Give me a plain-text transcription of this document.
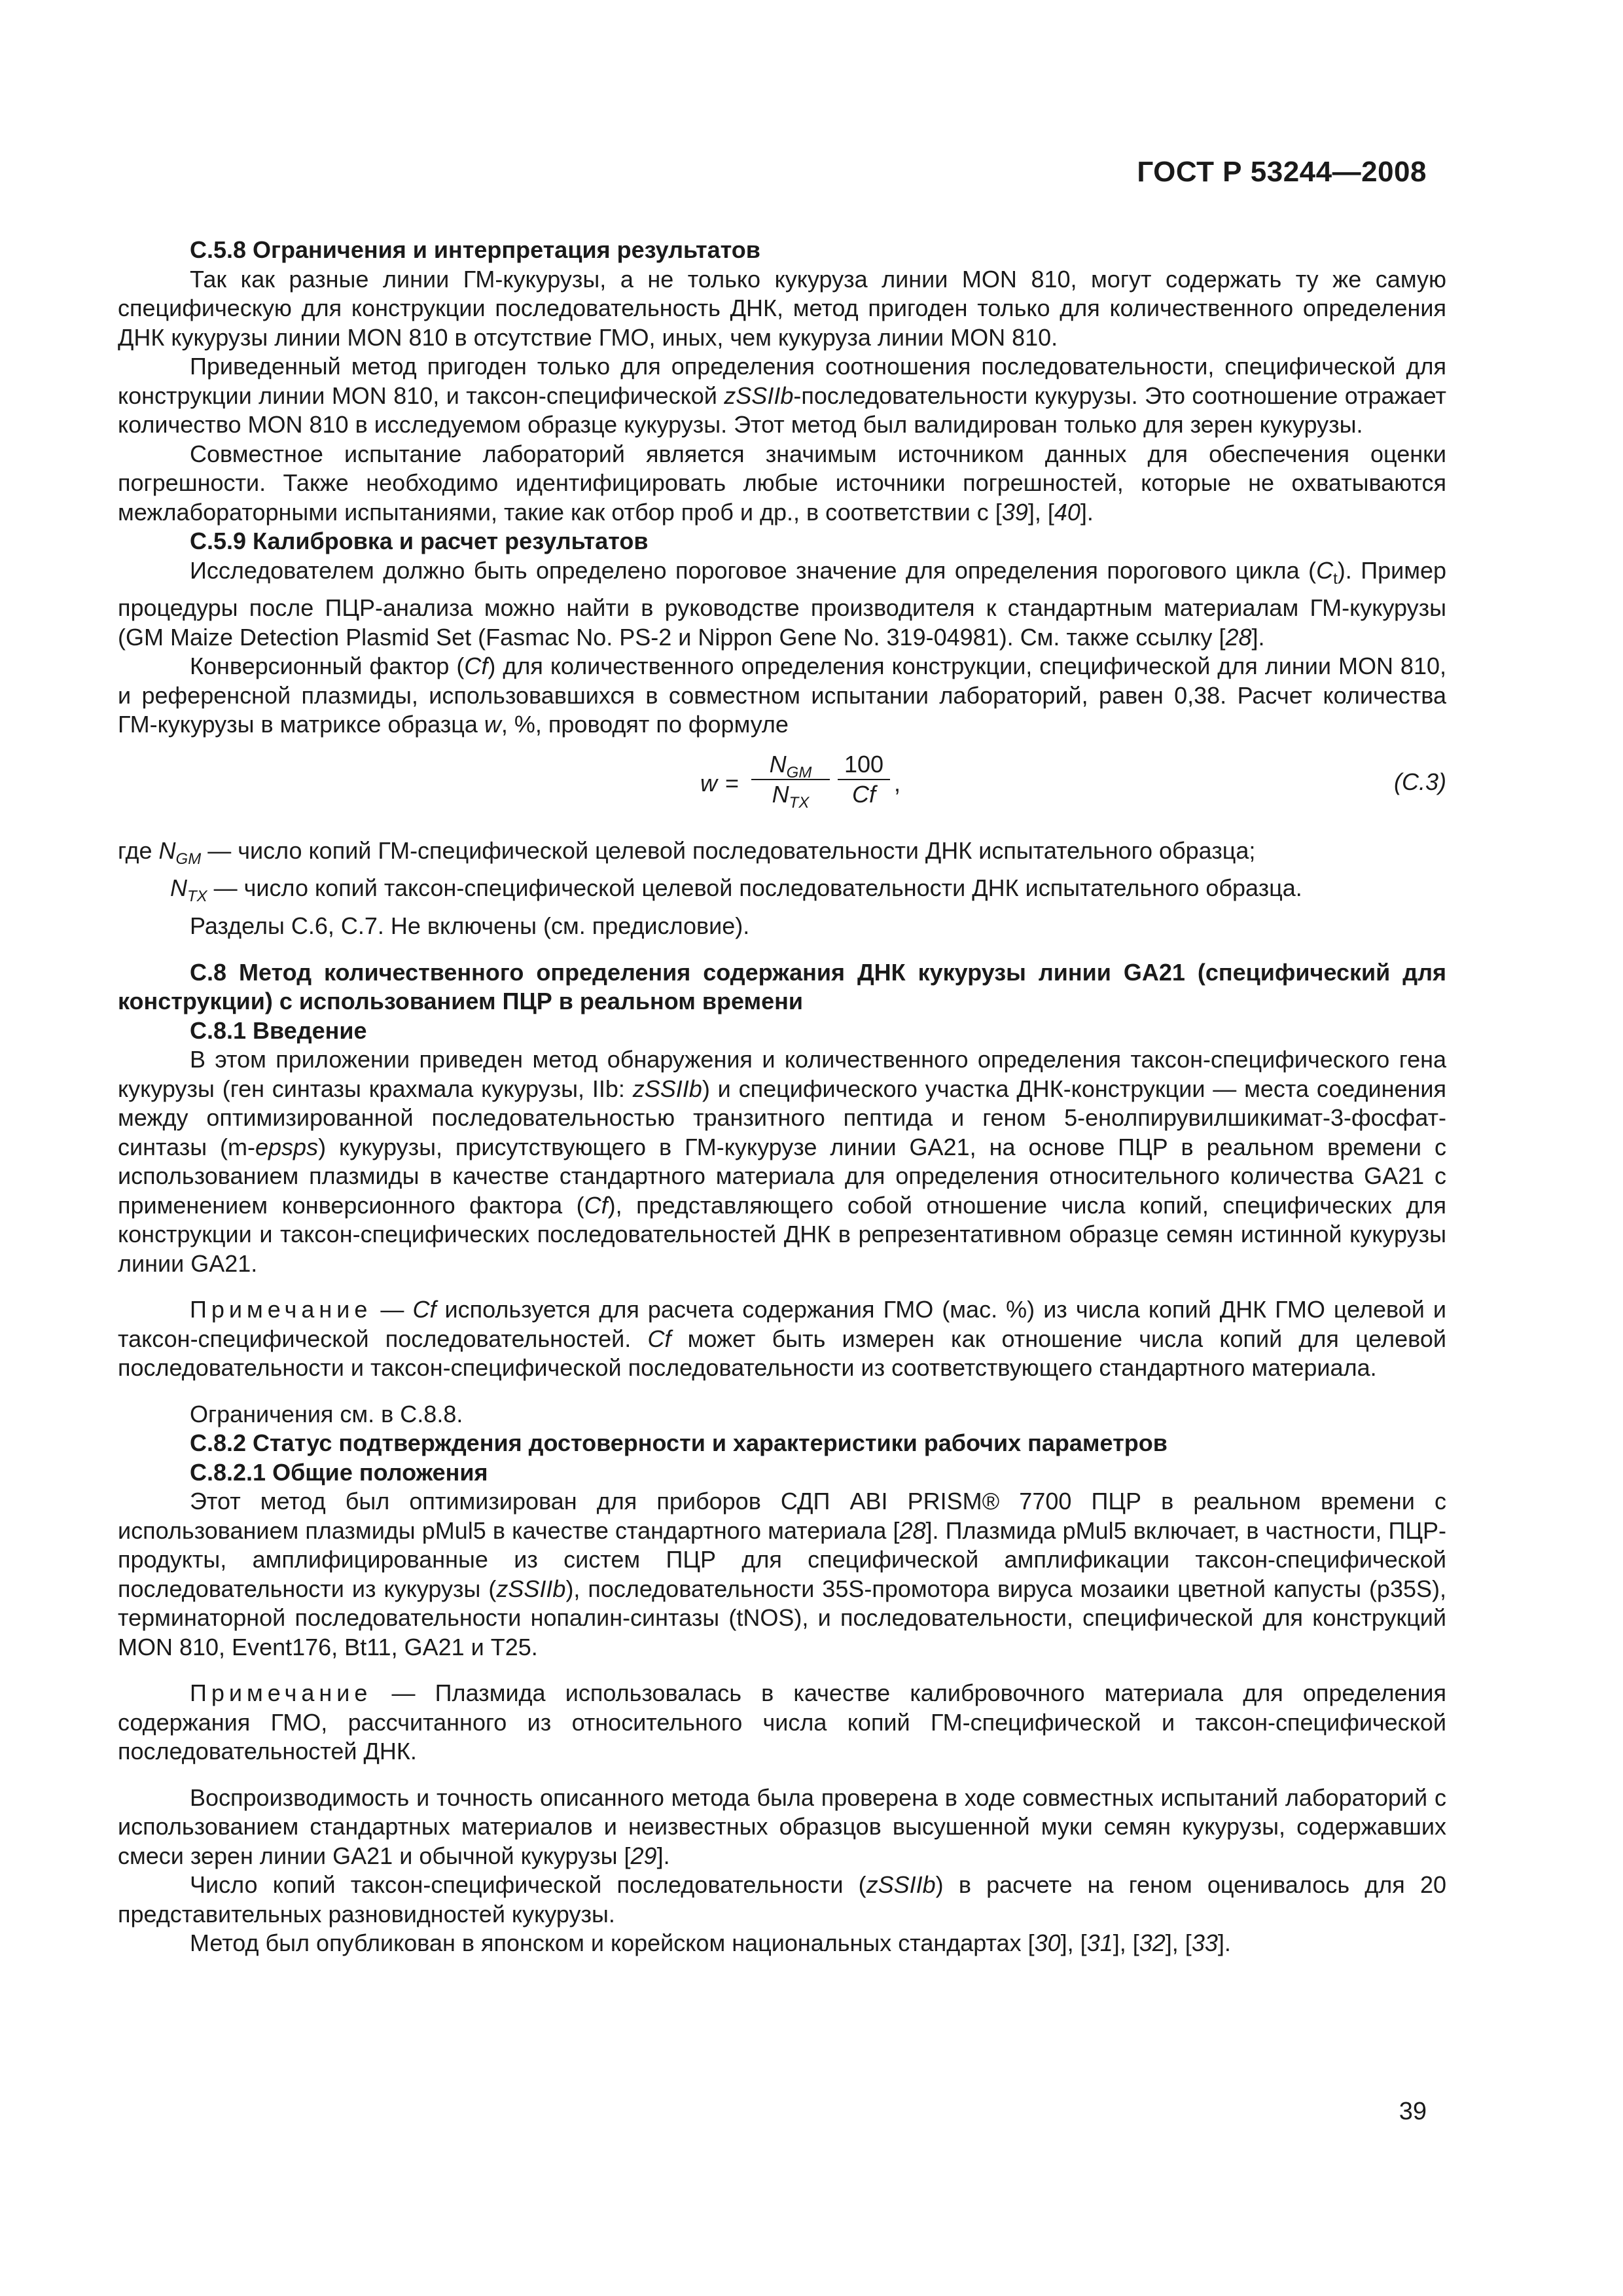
ГОСТ Р 53244—2008
С.5.8 Ограничения и интерпретация результатов

Так как разные линии ГМ-кукурузы, а не только кукуруза линии MON 810, могут содержать ту же самую специфическую для конструкции последовательность ДНК, метод пригоден только для количественного определения ДНК кукурузы линии MON 810 в отсутствие ГМО, иных, чем кукуруза линии MON 810.

Приведенный метод пригоден только для определения соотношения последовательности, специфической для конструкции линии MON 810, и таксон-специфической zSSIIb-последовательности кукурузы. Это соотношение отражает количество MON 810 в исследуемом образце кукурузы. Этот метод был валидирован только для зерен кукурузы.

Совместное испытание лабораторий является значимым источником данных для обеспечения оценки погрешности. Также необходимо идентифицировать любые источники погрешностей, которые не охватываются межлабораторными испытаниями, такие как отбор проб и др., в соответствии с [39], [40].

С.5.9 Калибровка и расчет результатов

Исследователем должно быть определено пороговое значение для определения порогового цикла $(C_t)$. Пример процедуры после ПЦР-анализа можно найти в руководстве производителя к стандартным материалам ГМ-кукурузы (GM Maize Detection Plasmid Set (Fasmac No. PS-2 и Nippon Gene No. 319-04981). См. также ссылку [28].

Конверсионный фактор (Cf) для количественного определения конструкции, специфической для линии MON 810, и референсной плазмиды, использовавшихся в совместном испытании лабораторий, равен 0,38. Расчет количества ГМ-кукурузы в матриксе образца w, %, проводят по формуле

w =
$N_{GM}$
$N_{TX}$	$\frac{100}{Cf}$ ,	(С.3)

где $N_{GM}$ — число копий ГМ-специфической целевой последовательности ДНК испытательного образца;

$N_{TX}$ — число копий таксон-специфической целевой последовательности ДНК испытательного образца.

Разделы С.6, С.7. Не включены (см. предисловие).

С.8 Метод количественного определения содержания ДНК кукурузы линии GA21 (специфический для конструкции) с использованием ПЦР в реальном времени
С.8.1 Введение

В этом приложении приведен метод обнаружения и количественного определения таксон-специфического гена кукурузы (ген синтазы крахмала кукурузы, IIb: zSSIIb) и специфического участка ДНК-конструкции — места соединения между оптимизированной последовательностью транзитного пептида и геном 5-енолпирувилшикимат-3-фосфат-синтазы (m-epsps) кукурузы, присутствующего в ГМ-кукурузе линии GA21, на основе ПЦР в реальном времени с использованием плазмиды в качестве стандартного материала для определения относительного количества GA21 с применением конверсионного фактора (Cf), представляющего собой отношение числа копий, специфических для конструкции и таксон-специфических последовательностей ДНК в репрезентативном образце семян истинной кукурузы линии GA21.

Примечание — Cf используется для расчета содержания ГМО (мас. %) из числа копий ДНК ГМО целевой и таксон-специфической последовательностей. Cf может быть измерен как отношение числа копий для целевой последовательности и таксон-специфической последовательности из соответствующего стандартного материала.

Ограничения см. в С.8.8.

С.8.2 Статус подтверждения достоверности и характеристики рабочих параметров
С.8.2.1 Общие положения

Этот метод был оптимизирован для приборов СДП ABI PRISM® 7700 ПЦР в реальном времени с использованием плазмиды pMul5 в качестве стандартного материала [28]. Плазмида pMul5 включает, в частности, ПЦР-продукты, амплифицированные из систем ПЦР для специфической амплификации таксон-специфической последовательности из кукурузы (zSSIIb), последовательности 35S-промотора вируса мозаики цветной капусты (p35S), терминаторной последовательности нопалин-синтазы (tNOS), и последовательности, специфической для конструкций MON 810, Event176, Bt11, GA21 и T25.

Примечание — Плазмида использовалась в качестве калибровочного материала для определения содержания ГМО, рассчитанного из относительного числа копий ГМ-специфической и таксон-специфической последовательностей ДНК.

Воспроизводимость и точность описанного метода была проверена в ходе совместных испытаний лабораторий с использованием стандартных материалов и неизвестных образцов высушенной муки семян кукурузы, содержавших смеси зерен линии GA21 и обычной кукурузы [29].

Число копий таксон-специфической последовательности (zSSIIb) в расчете на геном оценивалось для 20 представительных разновидностей кукурузы.

Метод был опубликован в японском и корейском национальных стандартах [30], [31], [32], [33].

39
